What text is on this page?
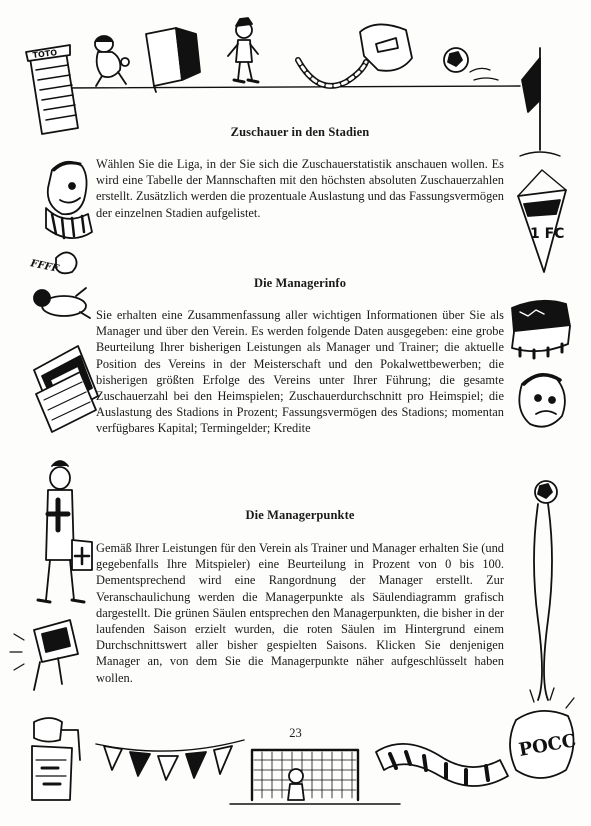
TOTO
FFFF
1 FC
POCC
Zuschauer in den Stadien
Wählen Sie die Liga, in der Sie sich die Zuschauerstatistik anschauen wollen. Es wird eine Tabelle der Mannschaften mit den höchsten absoluten Zuschauerzahlen erstellt. Zusätzlich werden die prozentuale Auslastung und das Fassungsvermögen der einzelnen Stadien aufgelistet.
Die Managerinfo
Sie erhalten eine Zusammenfassung aller wichtigen Informationen über Sie als Manager und über den Verein. Es werden folgende Daten ausgegeben: eine grobe Beurteilung Ihrer bisherigen Leistungen als Manager und Trainer; die aktuelle Position des Vereins in der Meisterschaft und den Pokalwettbewerben; die bisherigen größten Erfolge des Vereins unter Ihrer Führung; die gesamte Zuschauerzahl bei den Heimspielen; Zuschauerdurchschnitt pro Heimspiel; die Auslastung des Stadions in Prozent; Fassungsvermögen des Stadions; momentan verfügbares Kapital; Termingelder; Kredite
Die Managerpunkte
Gemäß Ihrer Leistungen für den Verein als Trainer und Manager erhalten Sie (und gegebenfalls Ihre Mitspieler) eine Beurteilung in Prozent von 0 bis 100. Dementsprechend wird eine Rangordnung der Manager erstellt. Zur Veranschaulichung werden die Managerpunkte als Säulendiagramm grafisch dargestellt. Die grünen Säulen entsprechen den Managerpunkten, die bisher in der laufenden Saison erzielt wurden, die roten Säulen im Hintergrund einem Durchschnittswert aller bisher gespielten Saisons. Klicken Sie denjenigen Manager an, von dem Sie die Managerpunkte näher aufgeschlüsselt haben wollen.
23
